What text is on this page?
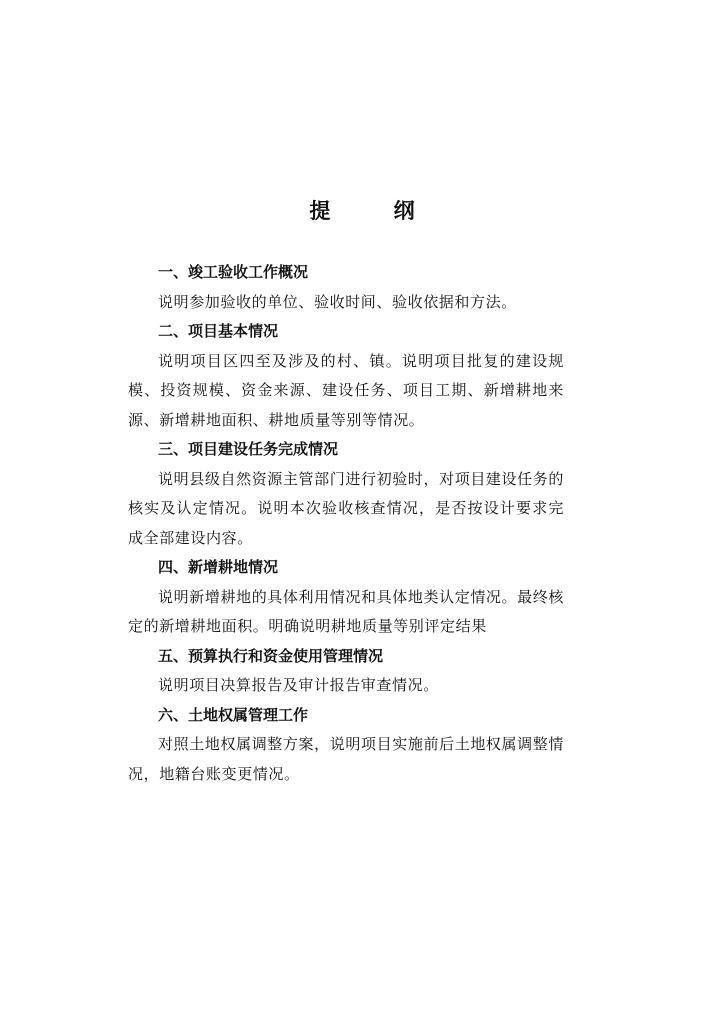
提 纲

一、竣工验收工作概况

说明参加验收的单位、验收时间、验收依据和方法。

二、项目基本情况

说明项目区四至及涉及的村、镇。说明项目批复的建设规模、投资规模、资金来源、建设任务、项目工期、新增耕地来源、新增耕地面积、耕地质量等别等情况。

三、项目建设任务完成情况

说明县级自然资源主管部门进行初验时，对项目建设任务的核实及认定情况。说明本次验收核查情况，是否按设计要求完成全部建设内容。

四、新增耕地情况

说明新增耕地的具体利用情况和具体地类认定情况。最终核定的新增耕地面积。明确说明耕地质量等别评定结果

五、预算执行和资金使用管理情况

说明项目决算报告及审计报告审查情况。

六、土地权属管理工作

对照土地权属调整方案，说明项目实施前后土地权属调整情况，地籍台账变更情况。
